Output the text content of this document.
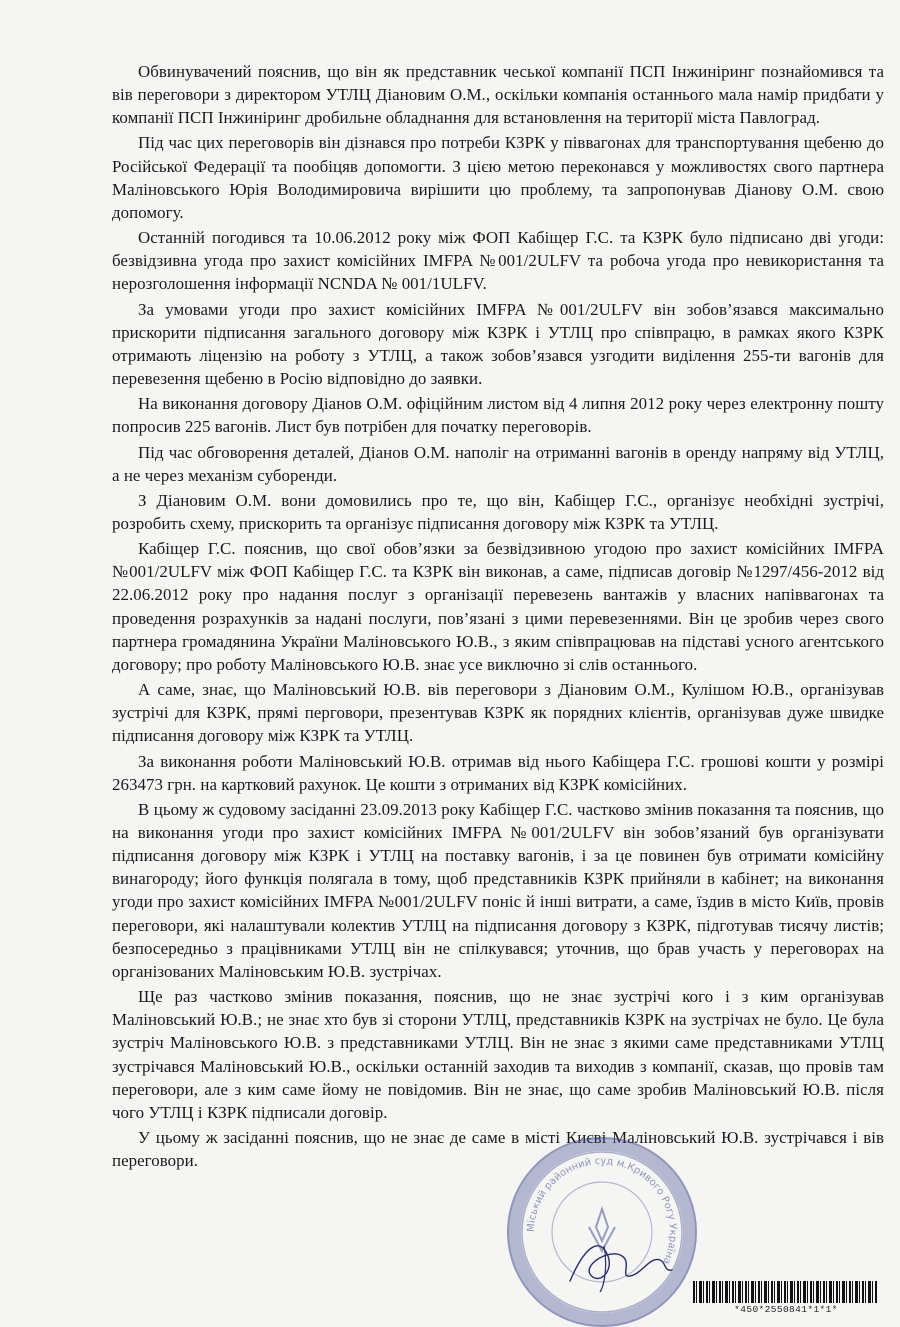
Обвинувачений пояснив, що він як представник чеської компанії ПСП Інжиніринг познайомився та вів переговори з директором УТЛЦ Діановим О.М., оскільки компанія останнього мала намір придбати у компанії ПСП Інжиніринг дробильне обладнання для встановлення на території міста Павлоград.

Під час цих переговорів він дізнався про потреби КЗРК у піввагонах для транспортування щебеню до Російської Федерації та пообіцяв допомогти. З цією метою переконався у можливостях свого партнера Маліновського Юрія Володимировича вирішити цю проблему, та запропонував Діанову О.М. свою допомогу.

Останній погодився та 10.06.2012 року між ФОП Кабіщер Г.С. та КЗРК було підписано дві угоди: безвідзивна угода про захист комісійних IMFPA №001/2ULFV та робоча угода про невикористання та нерозголошення інформації NCNDA № 001/1ULFV.

За умовами угоди про захист комісійних IMFPA №001/2ULFV він зобов’язався максимально прискорити підписання загального договору між КЗРК і УТЛЦ про співпрацю, в рамках якого КЗРК отримають ліцензію на роботу з УТЛЦ, а також зобов’язався узгодити виділення 255-ти вагонів для перевезення щебеню в Росію відповідно до заявки.

На виконання договору Діанов О.М. офіційним листом від 4 липня 2012 року через електронну пошту попросив 225 вагонів. Лист був потрібен для початку переговорів.

Під час обговорення деталей, Діанов О.М. наполіг на отриманні вагонів в оренду напряму від УТЛЦ, а не через механізм суборенди.

З Діановим О.М. вони домовились про те, що він, Кабіщер Г.С., організує необхідні зустрічі, розробить схему, прискорить та організує підписання договору між КЗРК та УТЛЦ.

Кабіщер Г.С. пояснив, що свої обов’язки за безвідзивною угодою про захист комісійних IMFPA №001/2ULFV між ФОП Кабіщер Г.С. та КЗРК він виконав, а саме, підписав договір №1297/456-2012 від 22.06.2012 року про надання послуг з організації перевезень вантажів у власних напіввагонах та проведення розрахунків за надані послуги, пов’язані з цими перевезеннями. Він це зробив через свого партнера громадянина України Маліновського Ю.В., з яким співпрацював на підставі усного агентського договору; про роботу Маліновського Ю.В. знає усе виключно зі слів останнього.

А саме, знає, що Маліновський Ю.В. вів переговори з Діановим О.М., Кулішом Ю.В., організував зустрічі для КЗРК, прямі перговори, презентував КЗРК як порядних клієнтів, організував дуже швидке підписання договору між КЗРК та УТЛЦ.

За виконання роботи Маліновський Ю.В. отримав від нього Кабіщера Г.С. грошові кошти у розмірі 263473 грн. на картковий рахунок. Це кошти з отриманих від КЗРК комісійних.

В цьому ж судовому засіданні 23.09.2013 року Кабіщер Г.С. частково змінив показання та пояснив, що на виконання угоди про захист комісійних IMFPA №001/2ULFV він зобов’язаний був організувати підписання договору між КЗРК і УТЛЦ на поставку вагонів, і за це повинен був отримати комісійну винагороду; його функція полягала в тому, щоб представників КЗРК прийняли в кабінет; на виконання угоди про захист комісійних IMFPA №001/2ULFV поніс й інші витрати, а саме, їздив в місто Київ, провів переговори, які налаштували колектив УТЛЦ на підписання договору з КЗРК, підготував тисячу листів; безпосередньо з працівниками УТЛЦ він не спілкувався; уточнив, що брав участь у переговорах на організованих Маліновським Ю.В. зустрічах.

Ще раз частково змінив показання, пояснив, що не знає зустрічі кого і з ким організував Маліновський Ю.В.; не знає хто був зі сторони УТЛЦ, представників КЗРК на зустрічах не було. Це була зустріч Маліновського Ю.В. з представниками УТЛЦ. Він не знає з якими саме представниками УТЛЦ зустрічався Маліновський Ю.В., оскільки останній заходив та виходив з компанії, сказав, що провів там переговори, але з ким саме йому не повідомив. Він не знає, що саме зробив Маліновський Ю.В. після чого УТЛЦ і КЗРК підписали договір.

У цьому ж засіданні пояснив, що не знає де саме в місті Києві Маліновський Ю.В. зустрічався і вів переговори.

Міський районний суд м.Кривого Рогу Україна
*450*2550841*1*1*
